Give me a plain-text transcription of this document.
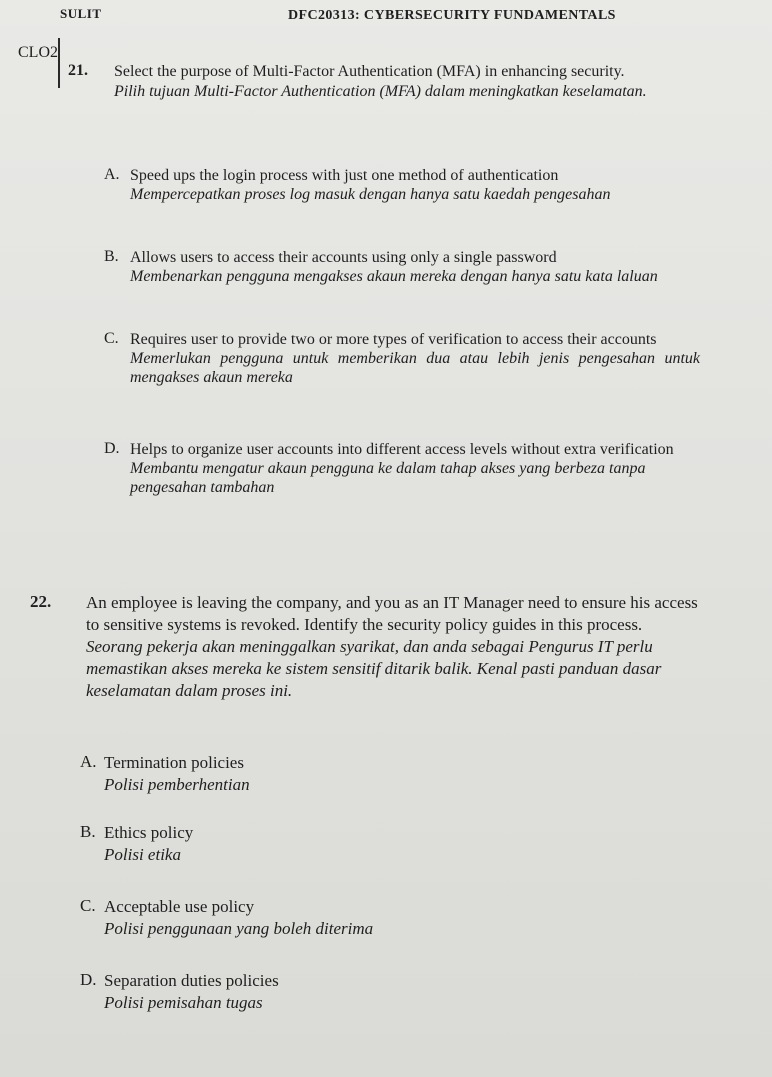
SULIT	DFC20313: CYBERSECURITY FUNDAMENTALS
CLO2
21. Select the purpose of Multi-Factor Authentication (MFA) in enhancing security.
Pilih tujuan Multi-Factor Authentication (MFA) dalam meningkatkan keselamatan.
A. Speed ups the login process with just one method of authentication
Mempercepatkan proses log masuk dengan hanya satu kaedah pengesahan
B. Allows users to access their accounts using only a single password
Membenarkan pengguna mengakses akaun mereka dengan hanya satu kata laluan
C. Requires user to provide two or more types of verification to access their accounts
Memerlukan pengguna untuk memberikan dua atau lebih jenis pengesahan untuk mengakses akaun mereka
D. Helps to organize user accounts into different access levels without extra verification
Membantu mengatur akaun pengguna ke dalam tahap akses yang berbeza tanpa pengesahan tambahan
22. An employee is leaving the company, and you as an IT Manager need to ensure his access to sensitive systems is revoked. Identify the security policy guides in this process.
Seorang pekerja akan meninggalkan syarikat, dan anda sebagai Pengurus IT perlu memastikan akses mereka ke sistem sensitif ditarik balik. Kenal pasti panduan dasar keselamatan dalam proses ini.
A. Termination policies
Polisi pemberhentian
B. Ethics policy
Polisi etika
C. Acceptable use policy
Polisi penggunaan yang boleh diterima
D. Separation duties policies
Polisi pemisahan tugas
